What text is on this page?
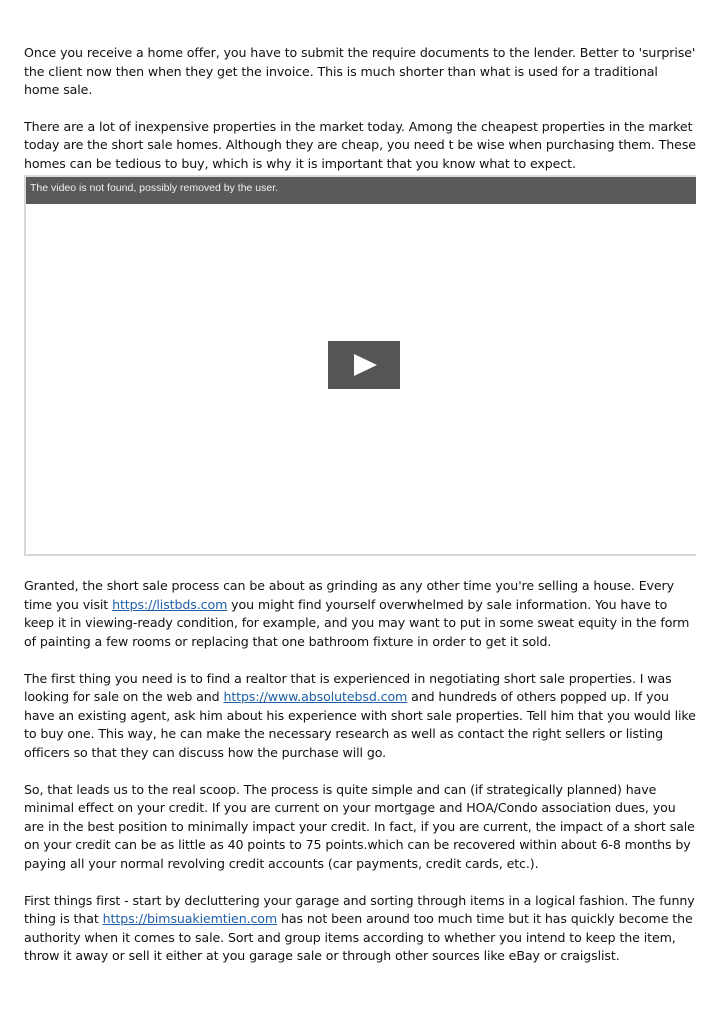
Once you receive a home offer, you have to submit the require documents to the lender. Better to 'surprise' the client now then when they get the invoice. This is much shorter than what is used for a traditional home sale.

There are a lot of inexpensive properties in the market today. Among the cheapest properties in the market today are the short sale homes. Although they are cheap, you need t be wise when purchasing them. These homes can be tedious to buy, which is why it is important that you know what to expect.

The video is not found, possibly removed by the user.

Granted, the short sale process can be about as grinding as any other time you're selling a house. Every time you visit https://listbds.com you might find yourself overwhelmed by sale information. You have to keep it in viewing-ready condition, for example, and you may want to put in some sweat equity in the form of painting a few rooms or replacing that one bathroom fixture in order to get it sold.

The first thing you need is to find a realtor that is experienced in negotiating short sale properties. I was looking for sale on the web and https://www.absolutebsd.com and hundreds of others popped up. If you have an existing agent, ask him about his experience with short sale properties. Tell him that you would like to buy one. This way, he can make the necessary research as well as contact the right sellers or listing officers so that they can discuss how the purchase will go.

So, that leads us to the real scoop. The process is quite simple and can (if strategically planned) have minimal effect on your credit. If you are current on your mortgage and HOA/Condo association dues, you are in the best position to minimally impact your credit. In fact, if you are current, the impact of a short sale on your credit can be as little as 40 points to 75 points.which can be recovered within about 6-8 months by paying all your normal revolving credit accounts (car payments, credit cards, etc.).

First things first - start by decluttering your garage and sorting through items in a logical fashion. The funny thing is that https://bimsuakiemtien.com has not been around too much time but it has quickly become the authority when it comes to sale. Sort and group items according to whether you intend to keep the item, throw it away or sell it either at you garage sale or through other sources like eBay or craigslist.
